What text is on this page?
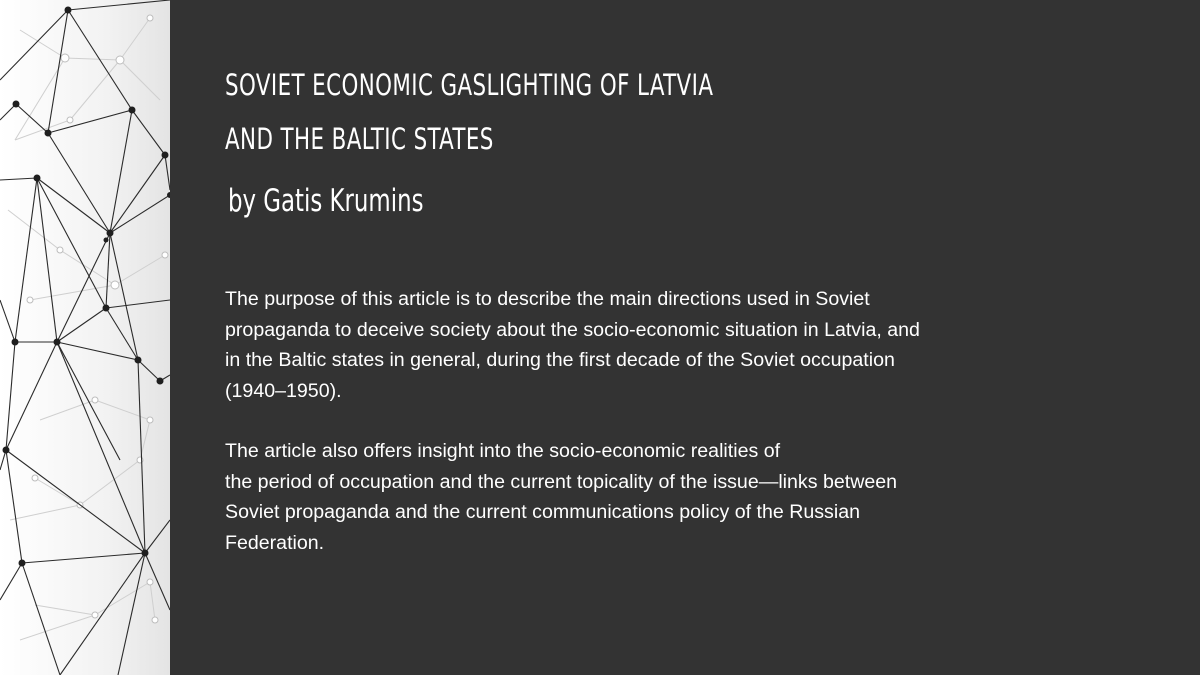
SOVIET ECONOMIC GASLIGHTING OF LATVIA
AND THE BALTIC STATES

by Gatis Krumins

The purpose of this article is to describe the main directions used in Soviet
propaganda to deceive society about the socio-economic situation in Latvia, and
in the Baltic states in general, during the first decade of the Soviet occupation
(1940–1950).

The article also offers insight into the socio-economic realities of
the period of occupation and the current topicality of the issue—links between
Soviet propaganda and the current communications policy of the Russian
Federation.
